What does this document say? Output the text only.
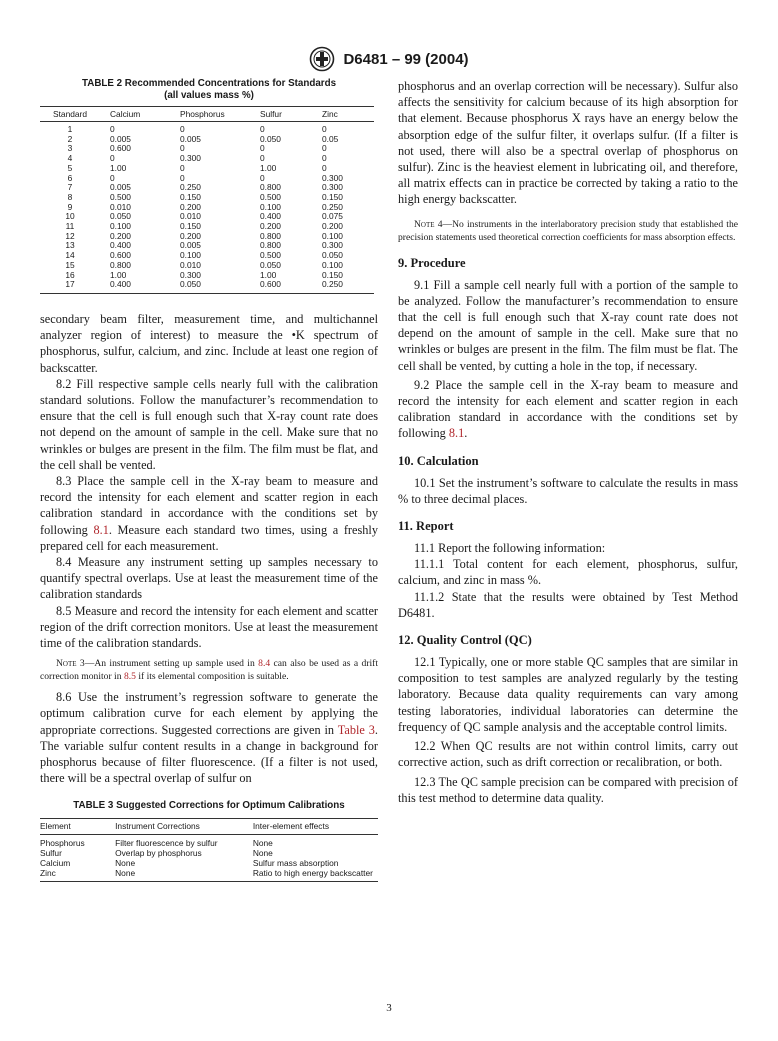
D6481 – 99 (2004)
TABLE 2 Recommended Concentrations for Standards
(all values mass %)
Standard	Calcium	Phosphorus	Sulfur	Zinc
1	0	0	0	0
2	0.005	0.005	0.050	0.05
3	0.600	0	0	0
4	0	0.300	0	0
5	1.00	0	1.00	0
6	0	0	0	0.300
7	0.005	0.250	0.800	0.300
8	0.500	0.150	0.500	0.150
9	0.010	0.200	0.100	0.250
10	0.050	0.010	0.400	0.075
11	0.100	0.150	0.200	0.200
12	0.200	0.200	0.800	0.100
13	0.400	0.005	0.800	0.300
14	0.600	0.100	0.500	0.050
15	0.800	0.010	0.050	0.100
16	1.00	0.300	1.00	0.150
17	0.400	0.050	0.600	0.250

secondary beam filter, measurement time, and multichannel analyzer region of interest) to measure the •K spectrum of phosphorus, sulfur, calcium, and zinc. Include at least one region of backscatter.

8.2 Fill respective sample cells nearly full with the calibration standard solutions. Follow the manufacturer’s recommendation to ensure that the cell is full enough such that X-ray count rate does not depend on the amount of sample in the cell. Make sure that no wrinkles or bulges are present in the film. The film must be flat, and the cell shall be vented.

8.3 Place the sample cell in the X-ray beam to measure and record the intensity for each element and scatter region in each calibration standard in accordance with the conditions set by following 8.1. Measure each standard two times, using a freshly prepared cell for each measurement.

8.4 Measure any instrument setting up samples necessary to quantify spectral overlaps. Use at least the measurement time of the calibration standards

8.5 Measure and record the intensity for each element and scatter region of the drift correction monitors. Use at least the measurement time of the calibration standards.

Note 3—An instrument setting up sample used in 8.4 can also be used as a drift correction monitor in 8.5 if its elemental composition is suitable.

8.6 Use the instrument’s regression software to generate the optimum calibration curve for each element by applying the appropriate corrections. Suggested corrections are given in Table 3. The variable sulfur content results in a change in background for phosphorus because of filter fluorescence. (If a filter is not used, there will be a spectral overlap of sulfur on

TABLE 3 Suggested Corrections for Optimum Calibrations
Element	Instrument Corrections	Inter-element effects
Phosphorus	Filter fluorescence by sulfur	None
Sulfur	Overlap by phosphorus	None
Calcium	None	Sulfur mass absorption
Zinc	None	Ratio to high energy backscatter

phosphorus and an overlap correction will be necessary). Sulfur also affects the sensitivity for calcium because of its high absorption for that element. Because phosphorus X rays have an energy below the absorption edge of the sulfur filter, it overlaps sulfur. (If a filter is not used, there will also be a spectral overlap of phosphorus on sulfur). Zinc is the heaviest element in lubricating oil, and therefore, all matrix effects can in practice be corrected by taking a ratio to the high energy backscatter.

Note 4—No instruments in the interlaboratory precision study that established the precision statements used theoretical correction coefficients for mass absorption effects.
9. Procedure

9.1 Fill a sample cell nearly full with a portion of the sample to be analyzed. Follow the manufacturer’s recommendation to ensure that the cell is full enough such that X-ray count rate does not depend on the amount of sample in the cell. Make sure that no wrinkles or bulges are present in the film. The film must be flat. The cell shall be vented, by cutting a hole in the top, if necessary.

9.2 Place the sample cell in the X-ray beam to measure and record the intensity for each element and scatter region in each calibration standard in accordance with the conditions set by following 8.1.

10. Calculation

10.1 Set the instrument’s software to calculate the results in mass % to three decimal places.

11. Report

11.1 Report the following information:

11.1.1 Total content for each element, phosphorus, sulfur, calcium, and zinc in mass %.

11.1.2 State that the results were obtained by Test Method D6481.

12. Quality Control (QC)

12.1 Typically, one or more stable QC samples that are similar in composition to test samples are analyzed regularly by the testing laboratory. Because data quality requirements can vary among testing laboratories, individual laboratories can determine the frequency of QC sample analysis and the acceptable control limits.

12.2 When QC results are not within control limits, carry out corrective action, such as drift correction or recalibration, or both.

12.3 The QC sample precision can be compared with precision of this test method to determine data quality.

3
